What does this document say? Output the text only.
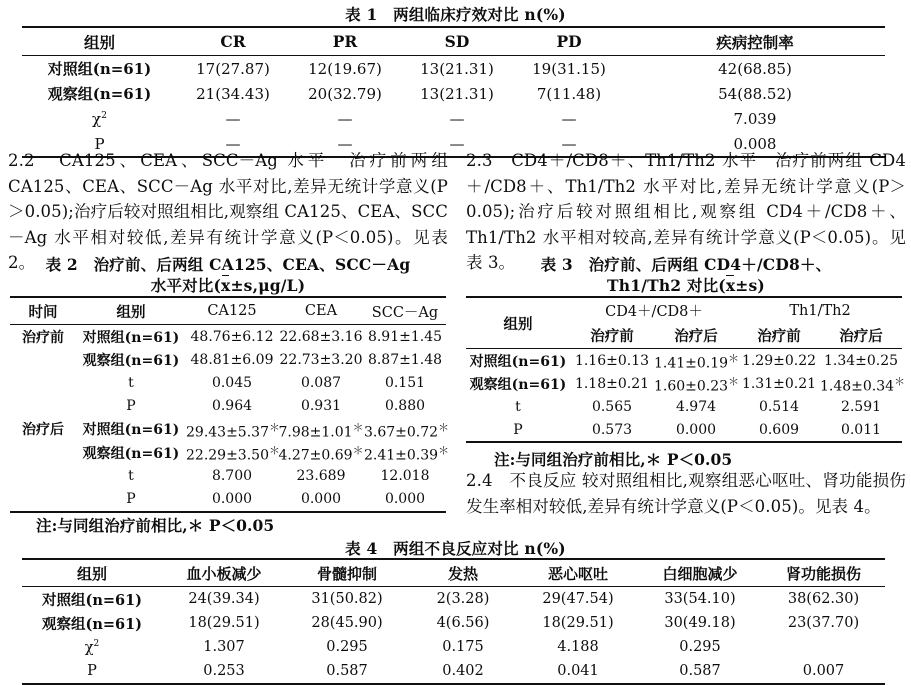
表 1　两组临床疗效对比 n(%)
组别	CR	PR	SD	PD	疾病控制率
对照组(n=61)	17(27.87)	12(19.67)	13(21.31)	19(31.15)	42(68.85)
观察组(n=61)	21(34.43)	20(32.79)	13(21.31)	7(11.48)	54(88.52)
$\chi^2$	—	—	—	—	7.039
P	—	—	—	—	0.008
2.2　CA125、CEA、SCC－Ag 水平　治疗前两组 CA125、CEA、SCC－Ag 水平对比,差异无统计学意义(P＞0.05);治疗后较对照组相比,观察组 CA125、CEA、SCC－Ag 水平相对较低,差异有统计学意义(P＜0.05)。见表 2。
2.3　CD4＋/CD8＋、Th1/Th2 水平　治疗前两组 CD4＋/CD8＋、Th1/Th2 水平对比,差异无统计学意义(P＞0.05);治疗后较对照组相比,观察组 CD4＋/CD8＋、Th1/Th2 水平相对较高,差异有统计学意义(P＜0.05)。见表 3。
表 2　治疗前、后两组 CA125、CEA、SCC－Ag
水平对比(x±s,μg/L)
时间	组别	CA125	CEA	SCC－Ag
治疗前	对照组(n=61)	48.76±6.12	22.68±3.16	8.91±1.45
	观察组(n=61)	48.81±6.09	22.73±3.20	8.87±1.48
	t	0.045	0.087	0.151
	P	0.964	0.931	0.880
治疗后	对照组(n=61)	29.43±5.37＊	7.98±1.01＊	3.67±0.72＊
	观察组(n=61)	22.29±3.50＊	4.27±0.69＊	2.41±0.39＊
	t	8.700	23.689	12.018
	P	0.000	0.000	0.000
注:与同组治疗前相比,＊ P＜0.05
表 3　治疗前、后两组 CD4＋/CD8＋、
Th1/Th2 对比(x±s)
组别	CD4＋/CD8＋		Th1/Th2	
	治疗前	治疗后	治疗前	治疗后
对照组(n=61)	1.16±0.13	1.41±0.19＊	1.29±0.22	1.34±0.25
观察组(n=61)	1.18±0.21	1.60±0.23＊	1.31±0.21	1.48±0.34＊
t	0.565	4.974	0.514	2.591
P	0.573	0.000	0.609	0.011
注:与同组治疗前相比,＊ P＜0.05
2.4　不良反应 较对照组相比,观察组恶心呕吐、肾功能损伤发生率相对较低,差异有统计学意义(P＜0.05)。见表 4。
表 4　两组不良反应对比 n(%)
组别	血小板减少	骨髓抑制	发热	恶心呕吐	白细胞减少	肾功能损伤
对照组(n=61)	24(39.34)	31(50.82)	2(3.28)	29(47.54)	33(54.10)	38(62.30)
观察组(n=61)	18(29.51)	28(45.90)	4(6.56)	18(29.51)	30(49.18)	23(37.70)
$\chi^2$	1.307	0.295	0.175	4.188	0.295	
P	0.253	0.587	0.402	0.041	0.587	0.007
